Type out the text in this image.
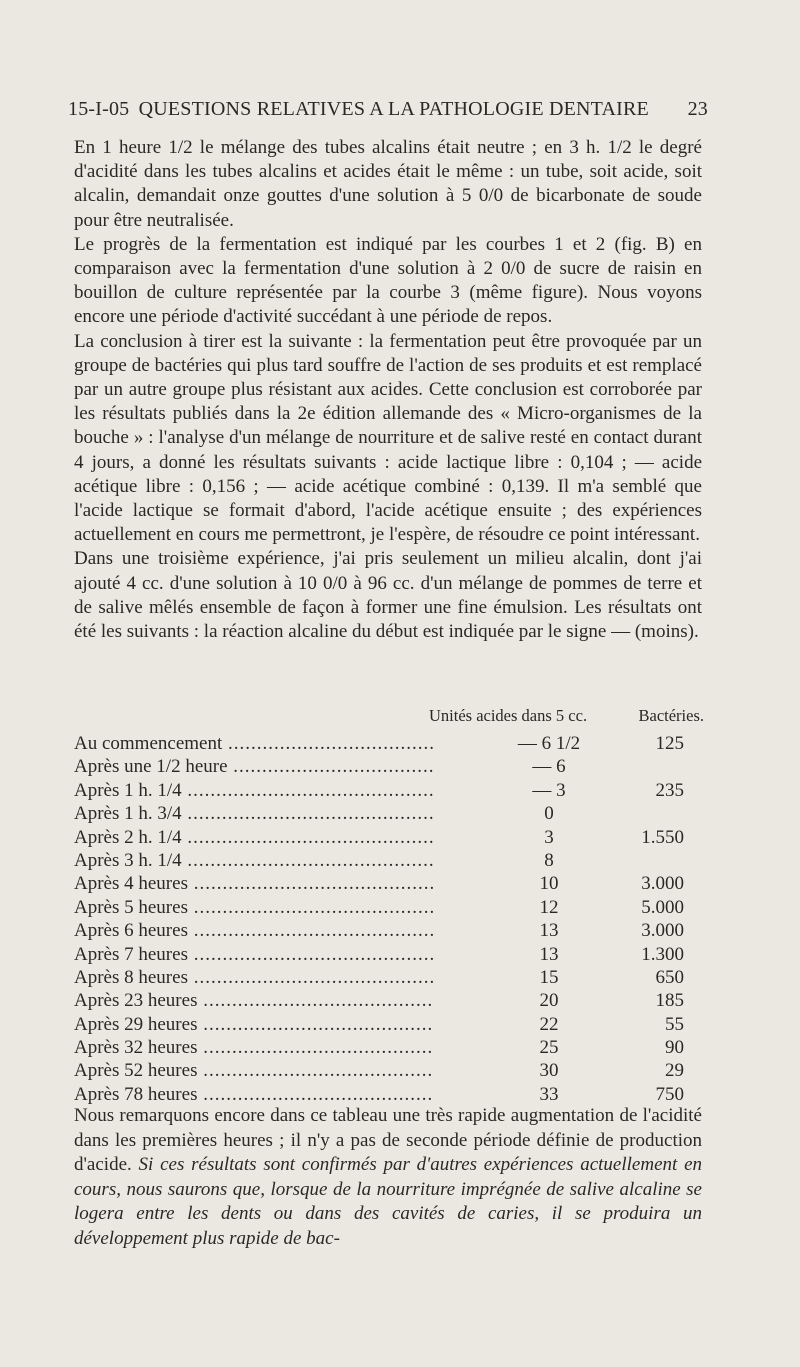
15-I-05 QUESTIONS RELATIVES A LA PATHOLOGIE DENTAIRE 23

En 1 heure 1/2 le mélange des tubes alcalins était neutre ; en 3 h. 1/2 le degré d'acidité dans les tubes alcalins et acides était le même : un tube, soit acide, soit alcalin, demandait onze gouttes d'une solution à 5 0/0 de bicarbonate de soude pour être neutralisée.

Le progrès de la fermentation est indiqué par les courbes 1 et 2 (fig. B) en comparaison avec la fermentation d'une solution à 2 0/0 de sucre de raisin en bouillon de culture représentée par la courbe 3 (même figure). Nous voyons encore une période d'activité succédant à une période de repos.

La conclusion à tirer est la suivante : la fermentation peut être provoquée par un groupe de bactéries qui plus tard souffre de l'action de ses produits et est remplacé par un autre groupe plus résistant aux acides. Cette conclusion est corroborée par les résultats publiés dans la 2e édition allemande des « Micro-organismes de la bouche » : l'analyse d'un mélange de nourriture et de salive resté en contact durant 4 jours, a donné les résultats suivants : acide lactique libre : 0,104 ; — acide acétique libre : 0,156 ; — acide acétique combiné : 0,139. Il m'a semblé que l'acide lactique se formait d'abord, l'acide acétique ensuite ; des expériences actuellement en cours me permettront, je l'espère, de résoudre ce point intéressant.

Dans une troisième expérience, j'ai pris seulement un milieu alcalin, dont j'ai ajouté 4 cc. d'une solution à 10 0/0 à 96 cc. d'un mélange de pommes de terre et de salive mêlés ensemble de façon à former une fine émulsion. Les résultats ont été les suivants : la réaction alcaline du début est indiquée par le signe — (moins).

Unités acides dans 5 cc.	Bactéries.
Au commencement .....	— 6 1/2	125
Après une 1/2 heure .....	— 6
Après 1 h. 1/4 .....	— 3	235
Après 1 h. 3/4 .....	0
Après 2 h. 1/4 .....	3	1.550
Après 3 h. 1/4 .....	8
Après 4 heures .....	10	3.000
Après 5 heures .....	12	5.000
Après 6 heures .....	13	3.000
Après 7 heures .....	13	1.300
Après 8 heures .....	15	650
Après 23 heures .....	20	185
Après 29 heures .....	22	55
Après 32 heures .....	25	90
Après 52 heures .....	30	29
Après 78 heures .....	33	750

Nous remarquons encore dans ce tableau une très rapide augmentation de l'acidité dans les premières heures ; il n'y a pas de seconde période définie de production d'acide. Si ces résultats sont confirmés par d'autres expériences actuellement en cours, nous saurons que, lorsque de la nourriture imprégnée de salive alcaline se logera entre les dents ou dans des cavités de caries, il se produira un développement plus rapide de bac-
